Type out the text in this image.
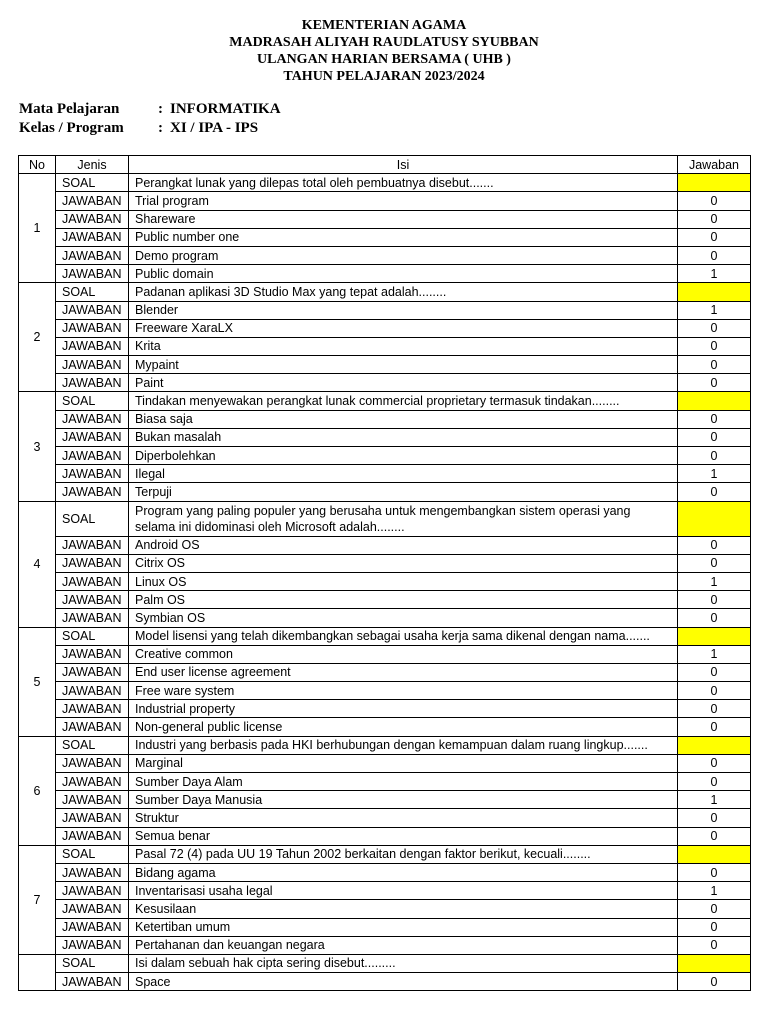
KEMENTERIAN AGAMA
MADRASAH ALIYAH RAUDLATUSY SYUBBAN
ULANGAN HARIAN BERSAMA ( UHB )
TAHUN PELAJARAN 2023/2024
Mata Pelajaran	: INFORMATIKA
Kelas / Program : XI / IPA - IPS
No	Jenis	Isi	Jawaban
1	SOAL	Perangkat lunak yang dilepas total oleh pembuatnya disebut.......	
	JAWABAN	Trial program	0
	JAWABAN	Shareware	0
	JAWABAN	Public number one	0
	JAWABAN	Demo program	0
	JAWABAN	Public domain	1
2	SOAL	Padanan aplikasi 3D Studio Max yang tepat adalah........	
	JAWABAN	Blender	1
	JAWABAN	Freeware XaraLX	0
	JAWABAN	Krita	0
	JAWABAN	Mypaint	0
	JAWABAN	Paint	0
3	SOAL	Tindakan menyewakan perangkat lunak commercial proprietary termasuk tindakan........	
	JAWABAN	Biasa saja	0
	JAWABAN	Bukan masalah	0
	JAWABAN	Diperbolehkan	0
	JAWABAN	Ilegal	1
	JAWABAN	Terpuji	0
4	SOAL	Program yang paling populer yang berusaha untuk mengembangkan sistem operasi yang selama ini didominasi oleh Microsoft adalah........	
	JAWABAN	Android OS	0
	JAWABAN	Citrix OS	0
	JAWABAN	Linux OS	1
	JAWABAN	Palm OS	0
	JAWABAN	Symbian OS	0
5	SOAL	Model lisensi yang telah dikembangkan sebagai usaha kerja sama dikenal dengan nama.......	
	JAWABAN	Creative common	1
	JAWABAN	End user license agreement	0
	JAWABAN	Free ware system	0
	JAWABAN	Industrial property	0
	JAWABAN	Non-general public license	0
6	SOAL	Industri yang berbasis pada HKI berhubungan dengan kemampuan dalam ruang lingkup.......	
	JAWABAN	Marginal	0
	JAWABAN	Sumber Daya Alam	0
	JAWABAN	Sumber Daya Manusia	1
	JAWABAN	Struktur	0
	JAWABAN	Semua benar	0
7	SOAL	Pasal 72 (4) pada UU 19 Tahun 2002 berkaitan dengan faktor berikut, kecuali........	
	JAWABAN	Bidang agama	0
	JAWABAN	Inventarisasi usaha legal	1
	JAWABAN	Kesusilaan	0
	JAWABAN	Ketertiban umum	0
	JAWABAN	Pertahanan dan keuangan negara	0
	SOAL	Isi dalam sebuah hak cipta sering disebut.........	
	JAWABAN	Space	0
